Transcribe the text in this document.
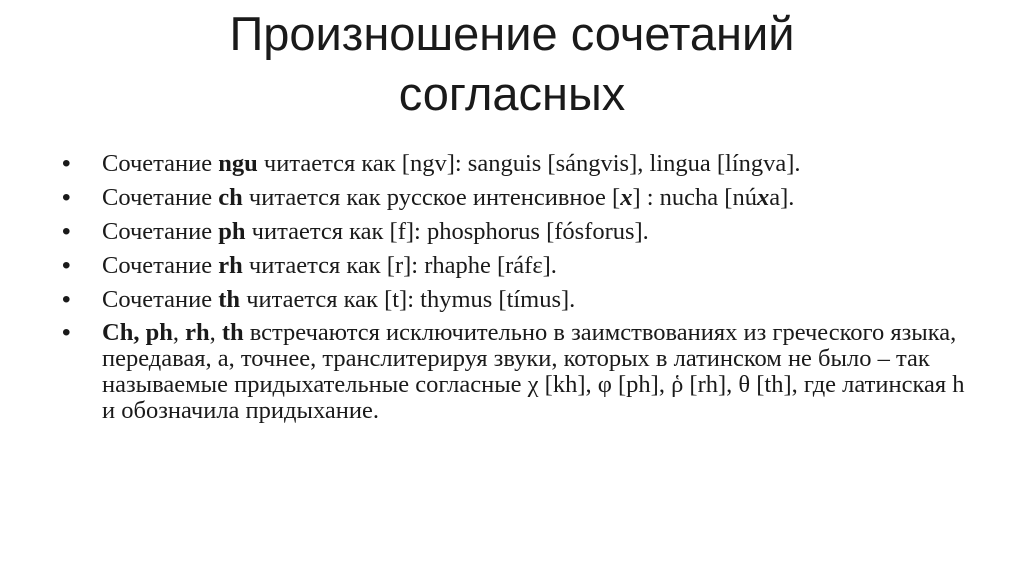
Произношение сочетаний
согласных
• Сочетание ngu читается как [ngv]: sanguis [sángvis], lingua [língva].
• Сочетание ch читается как русское интенсивное [x] : nucha [núxa].
• Сочетание ph читается как [f]: phosphorus [fósforus].
• Сочетание rh читается как [r]: rhaphe [ráfε].
• Сочетание th читается как [t]: thymus [tímus].
• Ch, ph, rh, th встречаются исключительно в заимствованиях из греческого языка, передавая, а, точнее, транслитерируя звуки, которых в латинском не было – так называемые придыхательные согласные χ [kh], φ [ph], ῥ [rh], θ [th], где латинская h и обозначила придыхание.
